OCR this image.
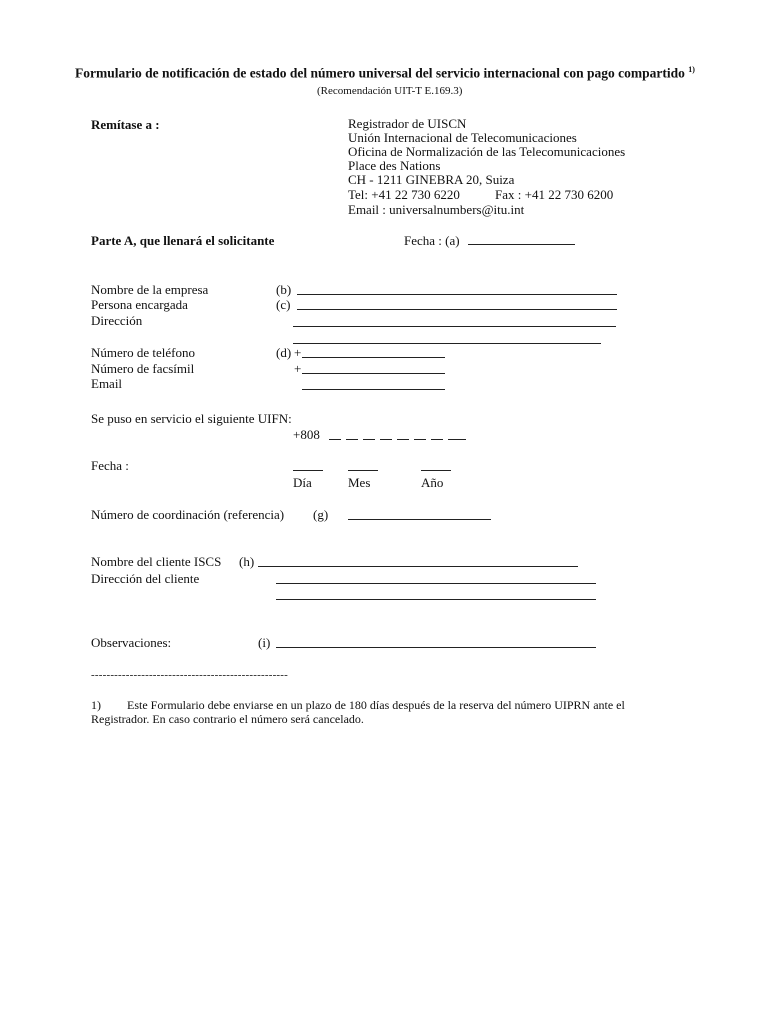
Formulario de notificación de estado del número universal del servicio internacional con pago compartido $^{1)}$
(Recomendación UIT-T E.169.3)
Remítase a :	Registrador de UISCN
Unión Internacional de Telecomunicaciones
Oficina de Normalización de las Telecomunicaciones
Place des Nations
CH - 1211 GINEBRA 20, Suiza
Tel: +41 22 730 6220	Fax : +41 22 730 6200
Email : universalnumbers@itu.int
Parte A, que llenará el solicitante	Fecha : (a)
Nombre de la empresa	(b)
Persona encargada	(c)
Dirección
Número de teléfono	(d) +
Número de facsímil	+
Email
Se puso en servicio el siguiente UIFN:
+808
Fecha :
Día	Mes	Año
Número de coordinación (referencia) (g)
Nombre del cliente ISCS (h)
Dirección del cliente
Observaciones:	(i)
---------------------------------------------------
1) Este Formulario debe enviarse en un plazo de 180 días después de la reserva del número UIPRN ante el
Registrador. En caso contrario el número será cancelado.
